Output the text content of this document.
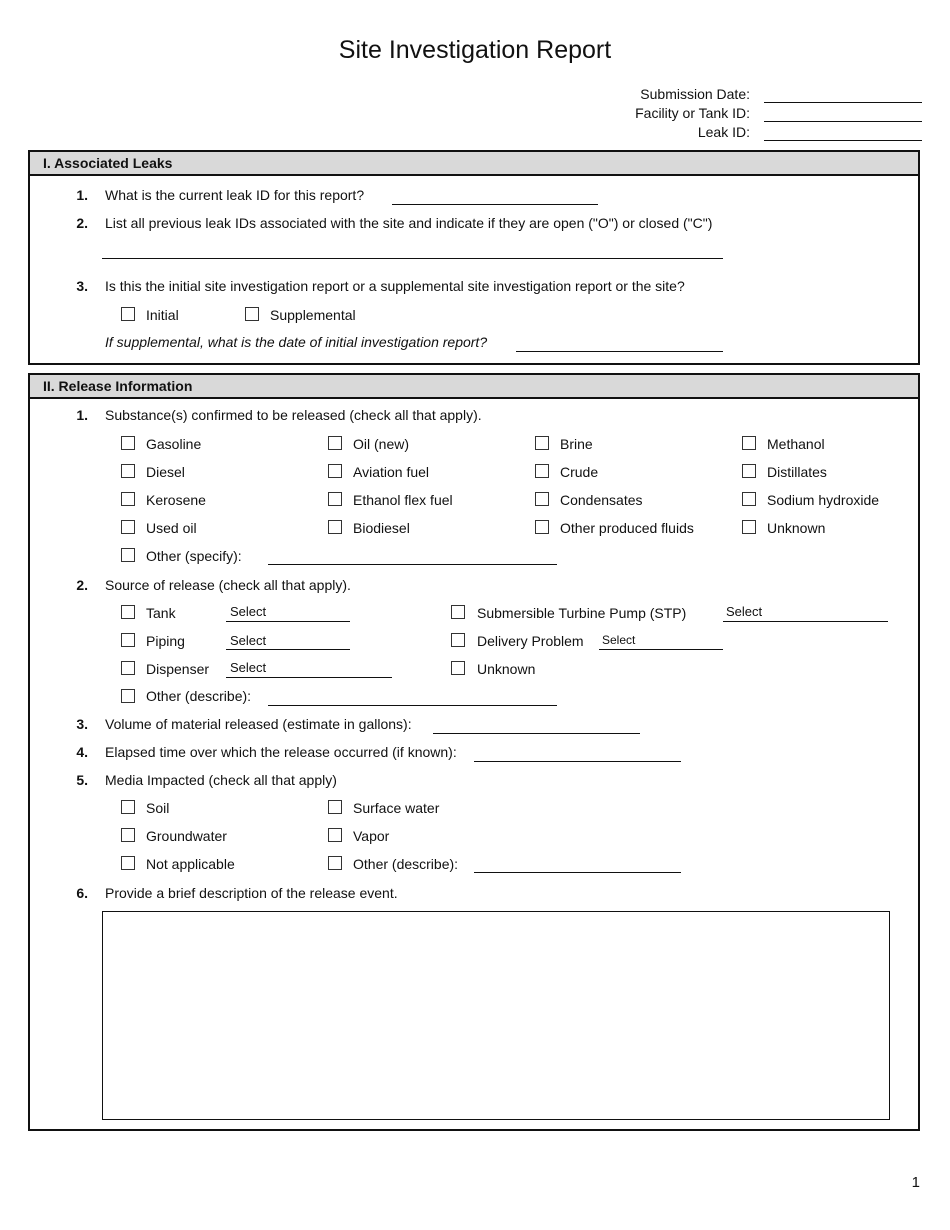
Site Investigation Report
Submission Date:
Facility or Tank ID:
Leak ID:
I. Associated Leaks
1. What is the current leak ID for this report?
2. List all previous leak IDs associated with the site and indicate if they are open ("O") or closed ("C")
3. Is this the initial site investigation report or a supplemental site investigation report or the site?
Initial	Supplemental
If supplemental, what is the date of initial investigation report?
II. Release Information
1. Substance(s) confirmed to be released (check all that apply).
Gasoline	Oil (new)	Brine	Methanol
Diesel	Aviation fuel	Crude	Distillates
Kerosene	Ethanol flex fuel	Condensates	Sodium hydroxide
Used oil	Biodiesel	Other produced fluids	Unknown
Other (specify):
2. Source of release (check all that apply).
Tank	Select	Submersible Turbine Pump (STP)	Select
Piping	Select	Delivery Problem Select
Dispenser Select	Unknown
Other (describe):
3. Volume of material released (estimate in gallons):
4. Elapsed time over which the release occurred (if known):
5. Media Impacted (check all that apply)
Soil	Surface water
Groundwater	Vapor
Not applicable	Other (describe):
6. Provide a brief description of the release event.
1
